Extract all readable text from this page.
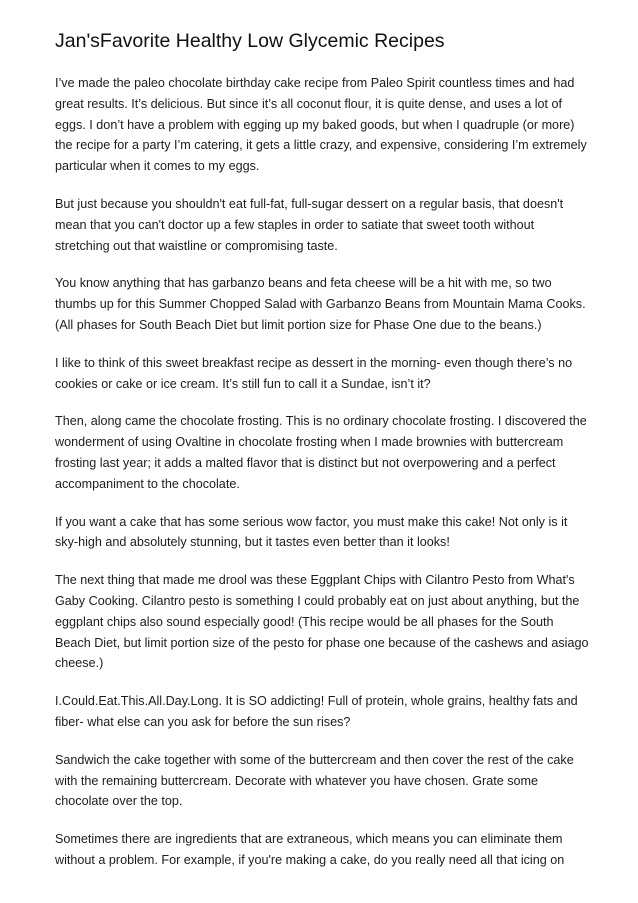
Jan'sFavorite Healthy Low Glycemic Recipes

I’ve made the paleo chocolate birthday cake recipe from Paleo Spirit countless times and had great results. It’s delicious. But since it’s all coconut flour, it is quite dense, and uses a lot of eggs. I don’t have a problem with egging up my baked goods, but when I quadruple (or more) the recipe for a party I’m catering, it gets a little crazy, and expensive, considering I’m extremely particular when it comes to my eggs.

But just because you shouldn't eat full-fat, full-sugar dessert on a regular basis, that doesn't mean that you can't doctor up a few staples in order to satiate that sweet tooth without stretching out that waistline or compromising taste.

You know anything that has garbanzo beans and feta cheese will be a hit with me, so two thumbs up for this Summer Chopped Salad with Garbanzo Beans from Mountain Mama Cooks. (All phases for South Beach Diet but limit portion size for Phase One due to the beans.)

I like to think of this sweet breakfast recipe as dessert in the morning- even though there’s no cookies or cake or ice cream. It’s still fun to call it a Sundae, isn’t it?

Then, along came the chocolate frosting. This is no ordinary chocolate frosting. I discovered the wonderment of using Ovaltine in chocolate frosting when I made brownies with buttercream frosting last year; it adds a malted flavor that is distinct but not overpowering and a perfect accompaniment to the chocolate.

If you want a cake that has some serious wow factor, you must make this cake! Not only is it sky-high and absolutely stunning, but it tastes even better than it looks!

The next thing that made me drool was these Eggplant Chips with Cilantro Pesto from What's Gaby Cooking. Cilantro pesto is something I could probably eat on just about anything, but the eggplant chips also sound especially good! (This recipe would be all phases for the South Beach Diet, but limit portion size of the pesto for phase one because of the cashews and asiago cheese.)

I.Could.Eat.This.All.Day.Long. It is SO addicting! Full of protein, whole grains, healthy fats and fiber- what else can you ask for before the sun rises?

Sandwich the cake together with some of the buttercream and then cover the rest of the cake with the remaining buttercream. Decorate with whatever you have chosen. Grate some chocolate over the top.

Sometimes there are ingredients that are extraneous, which means you can eliminate them without a problem. For example, if you're making a cake, do you really need all that icing on
